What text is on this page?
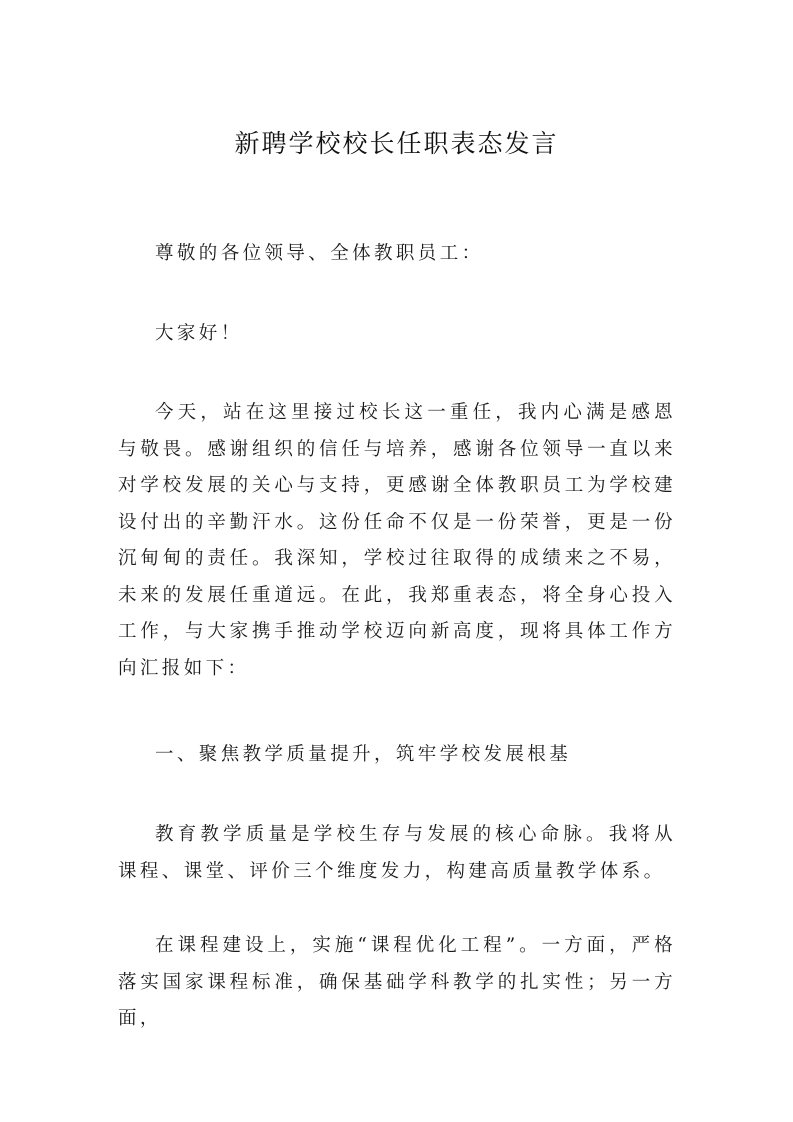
新聘学校校长任职表态发言

尊敬的各位领导、全体教职员工：

大家好！

今天，站在这里接过校长这一重任，我内心满是感恩与敬畏。感谢组织的信任与培养，感谢各位领导一直以来对学校发展的关心与支持，更感谢全体教职员工为学校建设付出的辛勤汗水。这份任命不仅是一份荣誉，更是一份沉甸甸的责任。我深知，学校过往取得的成绩来之不易，未来的发展任重道远。在此，我郑重表态，将全身心投入工作，与大家携手推动学校迈向新高度，现将具体工作方向汇报如下：

一、聚焦教学质量提升，筑牢学校发展根基

教育教学质量是学校生存与发展的核心命脉。我将从课程、课堂、评价三个维度发力，构建高质量教学体系。

在课程建设上，实施“课程优化工程”。一方面，严格落实国家课程标准，确保基础学科教学的扎实性；另一方面，
